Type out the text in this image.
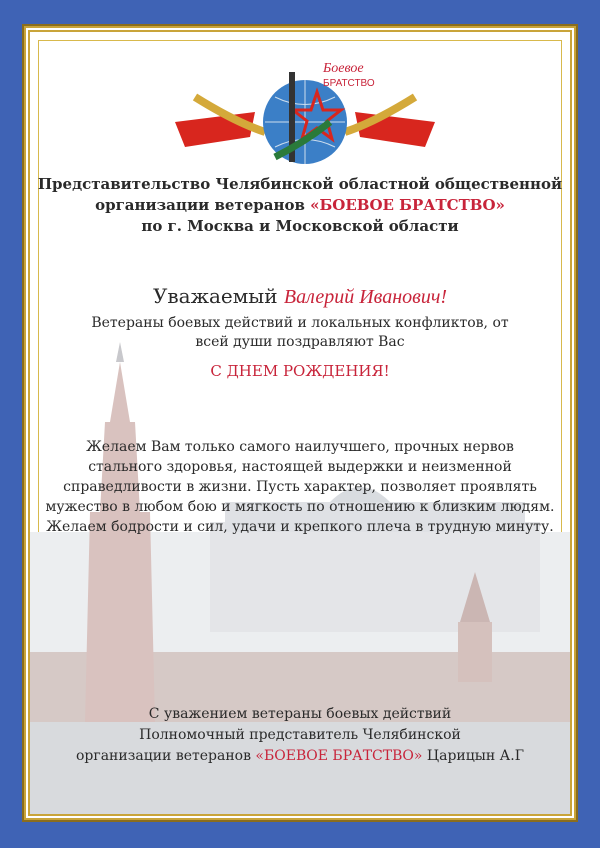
Боевое
БРАТСТВО
Представительство Челябинской областной общественной
организации ветеранов «БОЕВОЕ БРАТСТВО»
по г. Москва и Московской области
Уважаемый Валерий Иванович!
Ветераны боевых действий и локальных конфликтов, от
всей души поздравляют Вас
С ДНЕМ РОЖДЕНИЯ!
Желаем Вам только самого наилучшего, прочных нервов
стального здоровья, настоящей выдержки и неизменной
справедливости в жизни. Пусть характер, позволяет проявлять
мужество в любом бою и мягкость по отношению к близким людям.
Желаем бодрости и сил, удачи и крепкого плеча в трудную минуту.
С уважением ветераны боевых действий
Полномочный представитель Челябинской
организации ветеранов «БОЕВОЕ БРАТСТВО» Царицын А.Г
